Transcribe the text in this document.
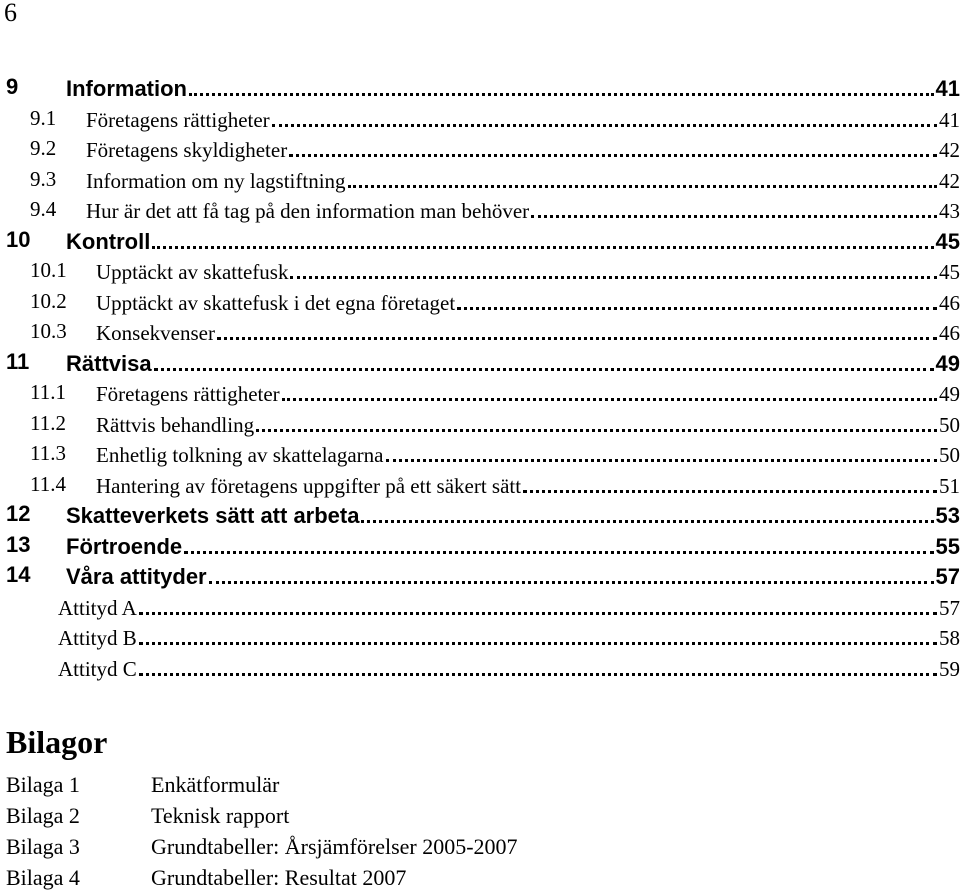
6
9 Information	41
9.1 Företagens rättigheter	41
9.2 Företagens skyldigheter	42
9.3 Information om ny lagstiftning	42
9.4 Hur är det att få tag på den information man behöver	43
10 Kontroll	45
10.1 Upptäckt av skattefusk	45
10.2 Upptäckt av skattefusk i det egna företaget	46
10.3 Konsekvenser	46
11 Rättvisa	49
11.1 Företagens rättigheter	49
11.2 Rättvis behandling	50
11.3 Enhetlig tolkning av skattelagarna	50
11.4 Hantering av företagens uppgifter på ett säkert sätt	51
12 Skatteverkets sätt att arbeta	53
13 Förtroende	55
14 Våra attityder	57
Attityd A	57
Attityd B	58
Attityd C	59
Bilagor
Bilaga 1	Enkätformulär
Bilaga 2	Teknisk rapport
Bilaga 3	Grundtabeller: Årsjämförelser 2005-2007
Bilaga 4	Grundtabeller: Resultat 2007
